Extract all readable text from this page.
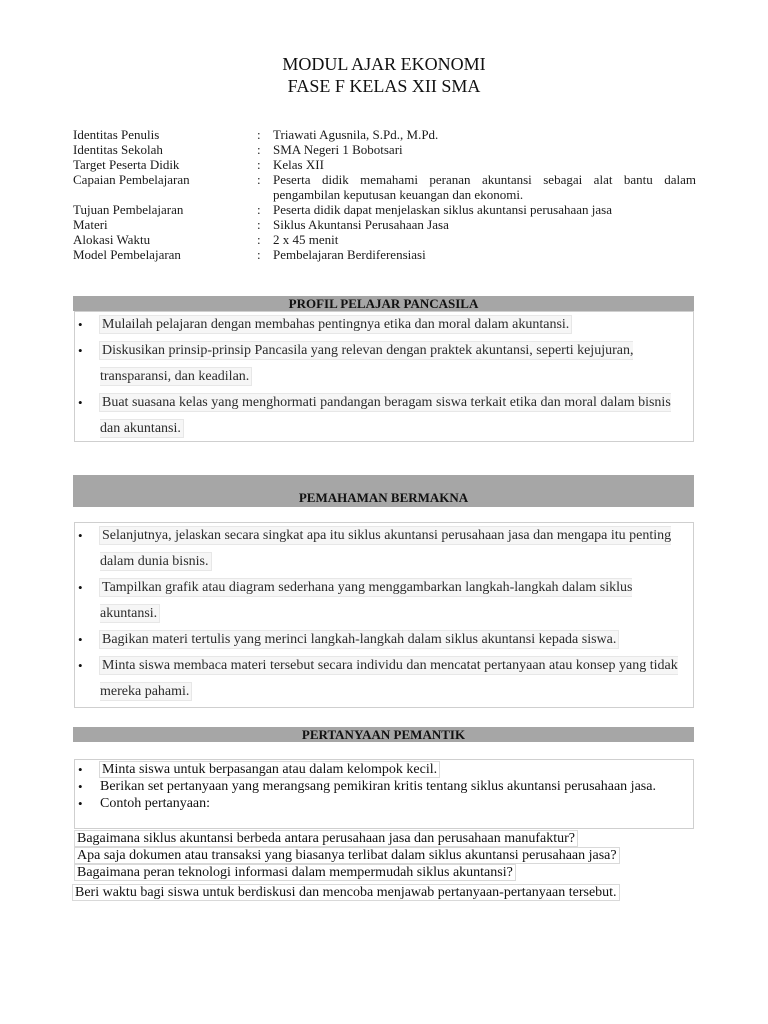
MODUL AJAR EKONOMI
FASE F KELAS XII SMA
Identitas Penulis	: Triawati Agusnila, S.Pd., M.Pd.
Identitas Sekolah	: SMA Negeri 1 Bobotsari
Target Peserta Didik	: Kelas XII
Capaian Pembelajaran	: Peserta didik memahami peranan akuntansi sebagai alat bantu dalam pengambilan keputusan keuangan dan ekonomi.
Tujuan Pembelajaran	: Peserta didik dapat menjelaskan siklus akuntansi perusahaan jasa
Materi	: Siklus Akuntansi Perusahaan Jasa
Alokasi Waktu	: 2 x 45 menit
Model Pembelajaran	: Pembelajaran Berdiferensiasi
PROFIL PELAJAR PANCASILA
• Mulailah pelajaran dengan membahas pentingnya etika dan moral dalam akuntansi.
• Diskusikan prinsip-prinsip Pancasila yang relevan dengan praktek akuntansi, seperti kejujuran, transparansi, dan keadilan.
• Buat suasana kelas yang menghormati pandangan beragam siswa terkait etika dan moral dalam bisnis dan akuntansi.
PEMAHAMAN BERMAKNA
• Selanjutnya, jelaskan secara singkat apa itu siklus akuntansi perusahaan jasa dan mengapa itu penting dalam dunia bisnis.
• Tampilkan grafik atau diagram sederhana yang menggambarkan langkah-langkah dalam siklus akuntansi.
• Bagikan materi tertulis yang merinci langkah-langkah dalam siklus akuntansi kepada siswa.
• Minta siswa membaca materi tersebut secara individu dan mencatat pertanyaan atau konsep yang tidak mereka pahami.
PERTANYAAN PEMANTIK
• Minta siswa untuk berpasangan atau dalam kelompok kecil.
• Berikan set pertanyaan yang merangsang pemikiran kritis tentang siklus akuntansi perusahaan jasa.
• Contoh pertanyaan:
Bagaimana siklus akuntansi berbeda antara perusahaan jasa dan perusahaan manufaktur?
Apa saja dokumen atau transaksi yang biasanya terlibat dalam siklus akuntansi perusahaan jasa?
Bagaimana peran teknologi informasi dalam mempermudah siklus akuntansi?
Beri waktu bagi siswa untuk berdiskusi dan mencoba menjawab pertanyaan-pertanyaan tersebut.
